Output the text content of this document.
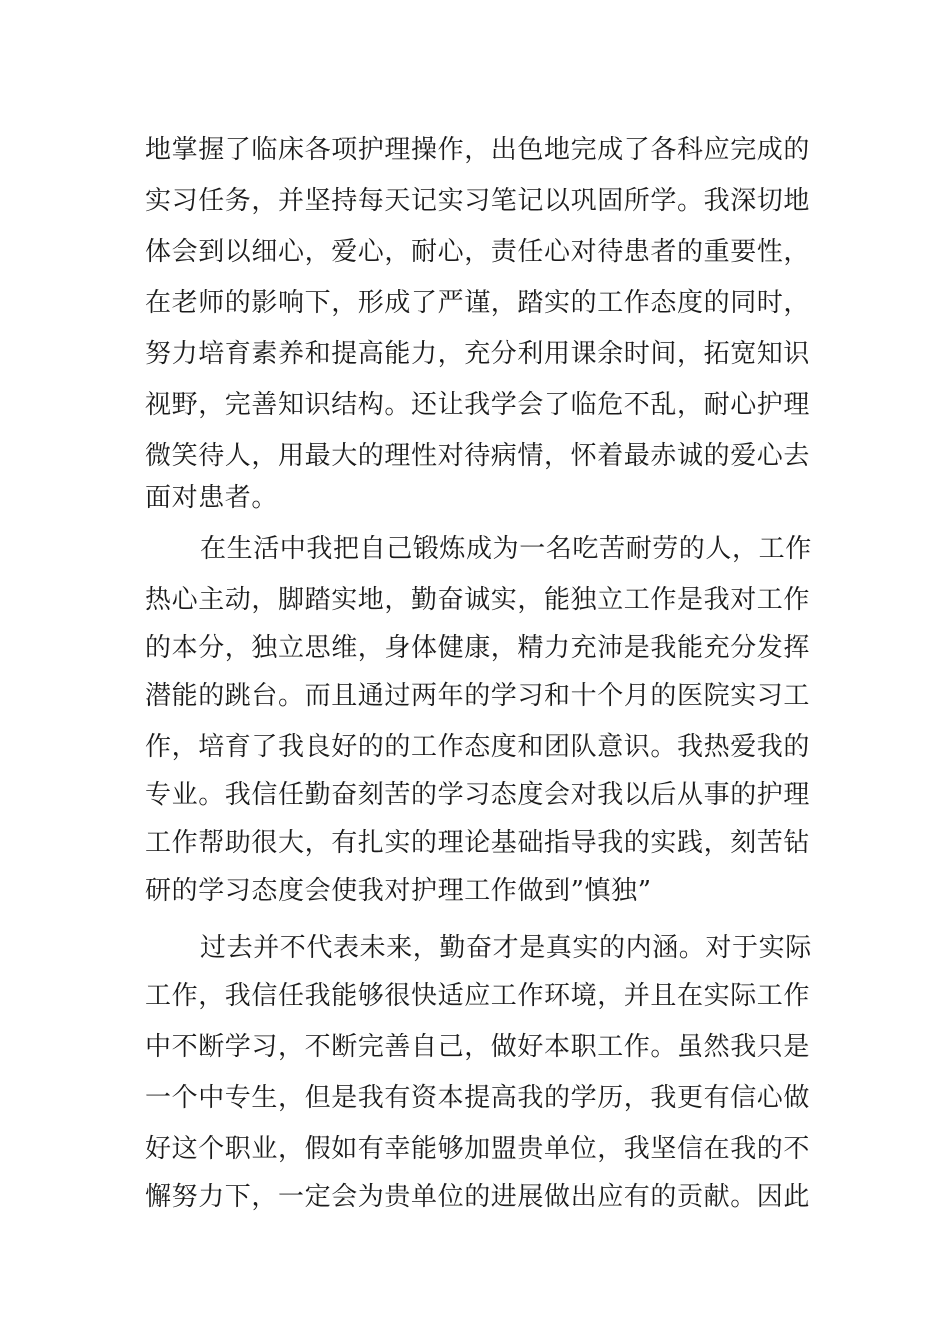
地掌握了临床各项护理操作，出色地完成了各科应完成的
实习任务，并坚持每天记实习笔记以巩固所学。我深切地
体会到以细心，爱心，耐心，责任心对待患者的重要性，
在老师的影响下，形成了严谨，踏实的工作态度的同时，
努力培育素养和提高能力，充分利用课余时间，拓宽知识
视野，完善知识结构。还让我学会了临危不乱，耐心护理
微笑待人，用最大的理性对待病情，怀着最赤诚的爱心去
面对患者。
在生活中我把自己锻炼成为一名吃苦耐劳的人，工作
热心主动，脚踏实地，勤奋诚实，能独立工作是我对工作
的本分，独立思维，身体健康，精力充沛是我能充分发挥
潜能的跳台。而且通过两年的学习和十个月的医院实习工
作，培育了我良好的的工作态度和团队意识。我热爱我的
专业。我信任勤奋刻苦的学习态度会对我以后从事的护理
工作帮助很大，有扎实的理论基础指导我的实践，刻苦钻
研的学习态度会使我对护理工作做到”慎独”
过去并不代表未来，勤奋才是真实的内涵。对于实际
工作，我信任我能够很快适应工作环境，并且在实际工作
中不断学习，不断完善自己，做好本职工作。虽然我只是
一个中专生，但是我有资本提高我的学历，我更有信心做
好这个职业，假如有幸能够加盟贵单位，我坚信在我的不
懈努力下，一定会为贵单位的进展做出应有的贡献。因此
